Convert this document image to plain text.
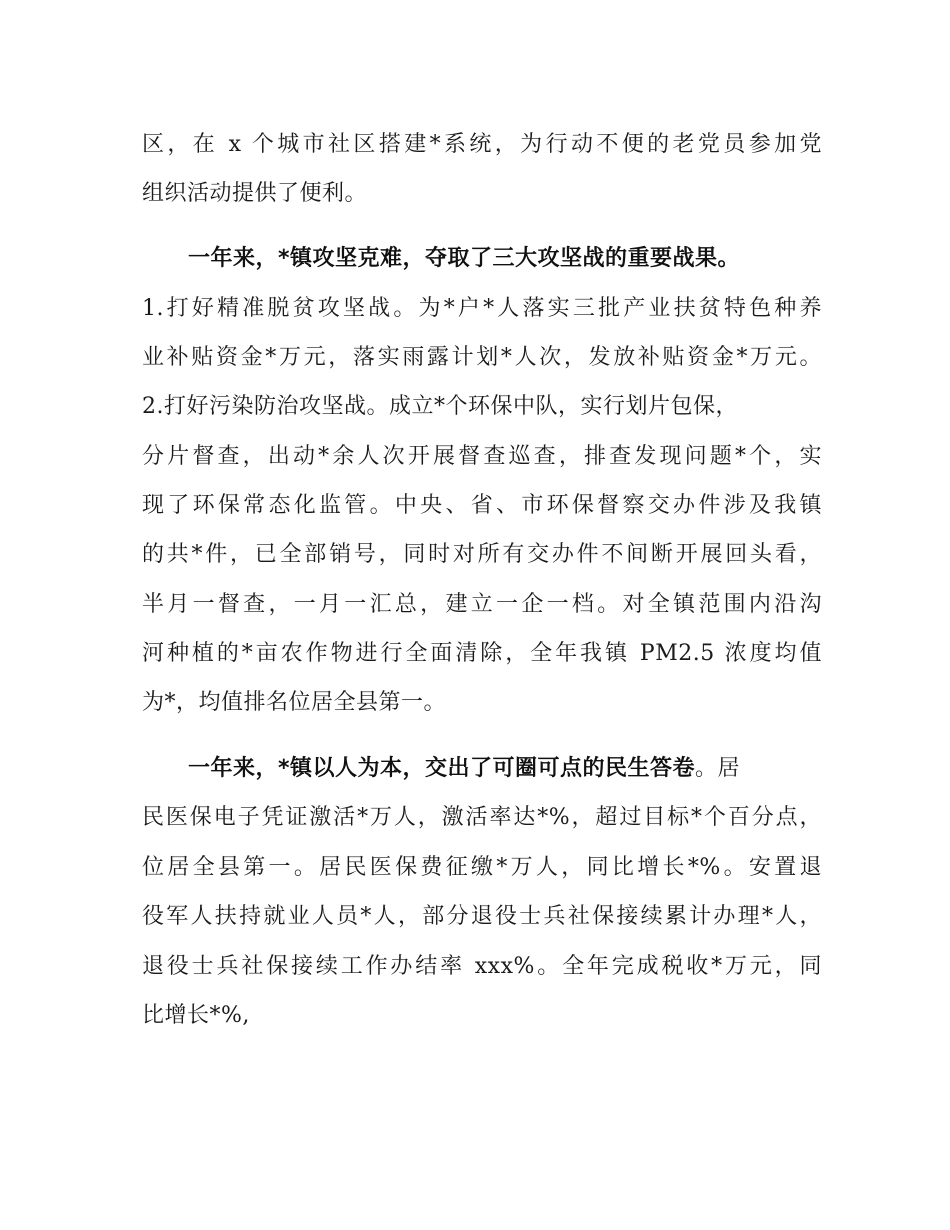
区，在 x 个城市社区搭建*系统，为行动不便的老党员参加党
组织活动提供了便利。
一年来，*镇攻坚克难，夺取了三大攻坚战的重要战果。
1.打好精准脱贫攻坚战。为*户*人落实三批产业扶贫特色种养
业补贴资金*万元，落实雨露计划*人次，发放补贴资金*万元。
2.打好污染防治攻坚战。成立*个环保中队，实行划片包保，
分片督查，出动*余人次开展督查巡查，排查发现问题*个，实
现了环保常态化监管。中央、省、市环保督察交办件涉及我镇
的共*件，已全部销号，同时对所有交办件不间断开展回头看，
半月一督查，一月一汇总，建立一企一档。对全镇范围内沿沟
河种植的*亩农作物进行全面清除，全年我镇 PM2.5 浓度均值
为*，均值排名位居全县第一。
一年来，*镇以人为本，交出了可圈可点的民生答卷。居
民医保电子凭证激活*万人，激活率达*%，超过目标*个百分点，
位居全县第一。居民医保费征缴*万人，同比增长*%。安置退
役军人扶持就业人员*人，部分退役士兵社保接续累计办理*人，
退役士兵社保接续工作办结率 xxx%。全年完成税收*万元，同
比增长*%,
